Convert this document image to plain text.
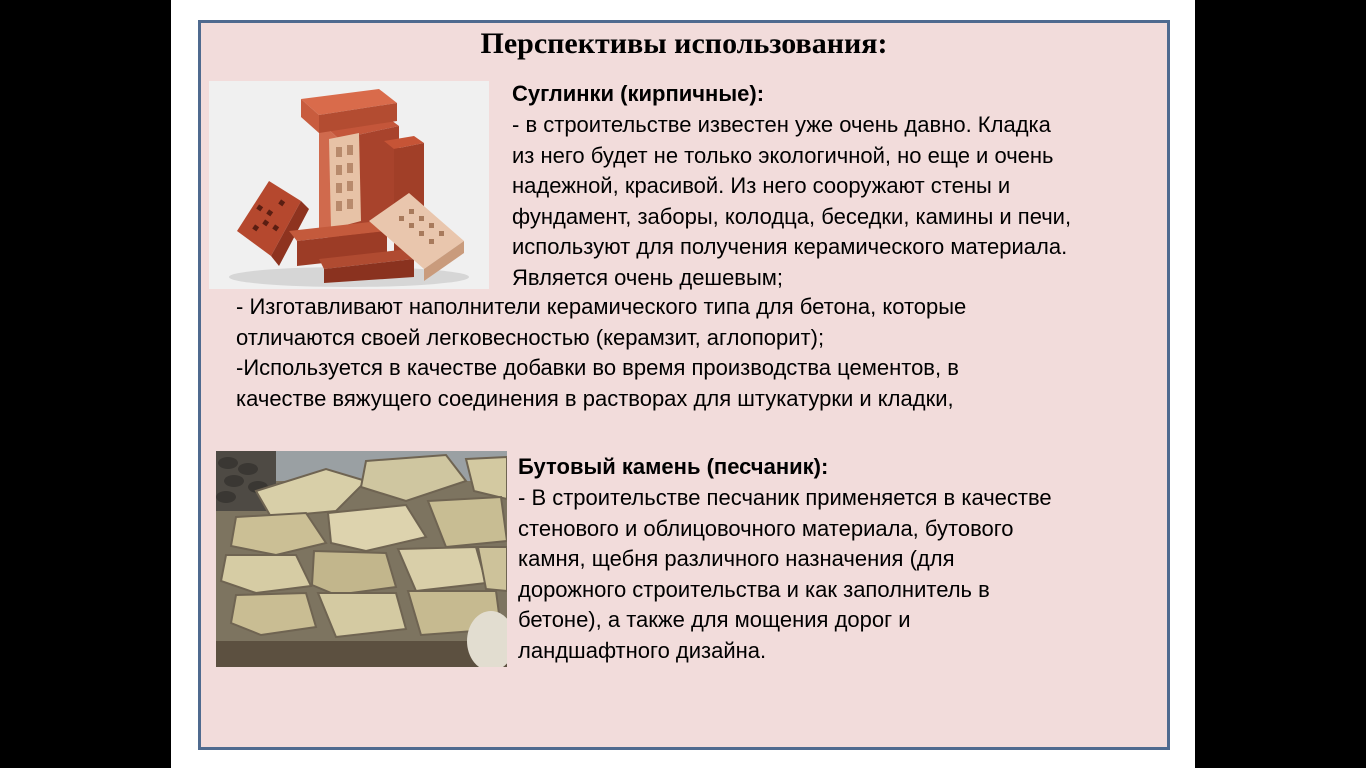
Перспективы использования:
Суглинки (кирпичные):
- в строительстве известен уже очень давно. Кладка
из него будет не только экологичной, но еще и очень
надежной, красивой. Из него сооружают стены и
фундамент, заборы, колодца, беседки, камины и печи,
используют для получения керамического материала.
Является очень дешевым;
- Изготавливают наполнители керамического типа для бетона, которые
отличаются своей легковесностью (керамзит, аглопорит);
-Используется в качестве добавки во время производства цементов, в
качестве вяжущего соединения в растворах для штукатурки и кладки,
Бутовый камень (песчаник):
- В строительстве песчаник применяется в качестве
стенового и облицовочного материала, бутового
камня, щебня различного назначения (для
дорожного строительства и как заполнитель в
бетоне), а также для мощения дорог и
ландшафтного дизайна.
